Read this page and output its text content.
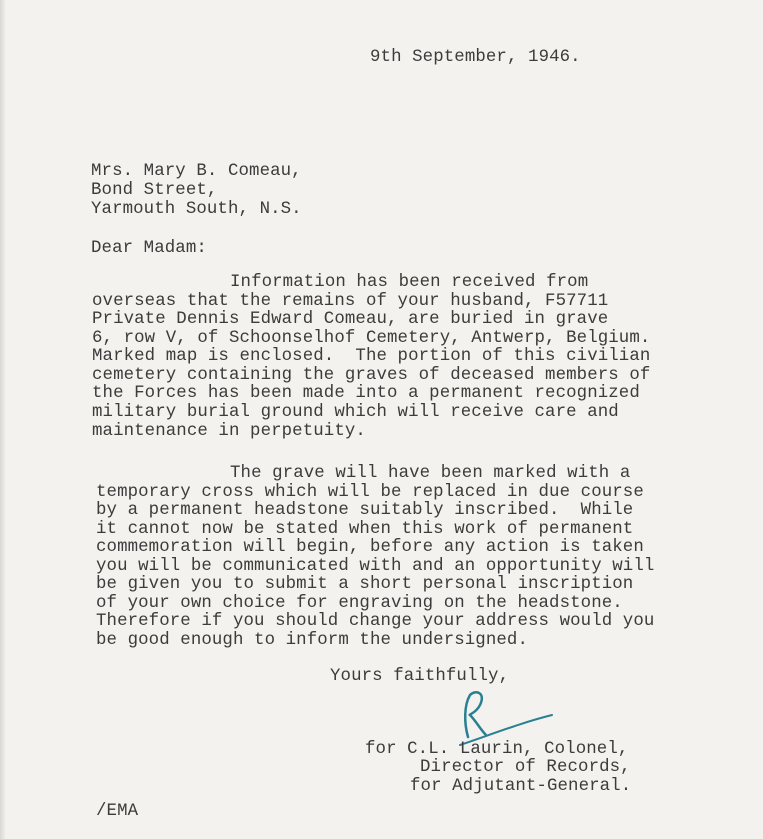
9th September, 1946.
Mrs. Mary B. Comeau,
Bond Street,
Yarmouth South, N.S.
Dear Madam:
Information has been received from
overseas that the remains of your husband, F57711
Private Dennis Edward Comeau, are buried in grave
6, row V, of Schoonselhof Cemetery, Antwerp, Belgium.
Marked map is enclosed.  The portion of this civilian
cemetery containing the graves of deceased members of
the Forces has been made into a permanent recognized
military burial ground which will receive care and
maintenance in perpetuity.
The grave will have been marked with a
temporary cross which will be replaced in due course
by a permanent headstone suitably inscribed.  While
it cannot now be stated when this work of permanent
commemoration will begin, before any action is taken
you will be communicated with and an opportunity will
be given you to submit a short personal inscription
of your own choice for engraving on the headstone.
Therefore if you should change your address would you
be good enough to inform the undersigned.
Yours faithfully,
for C.L. Laurin, Colonel,
Director of Records,
for Adjutant-General.
/EMA
